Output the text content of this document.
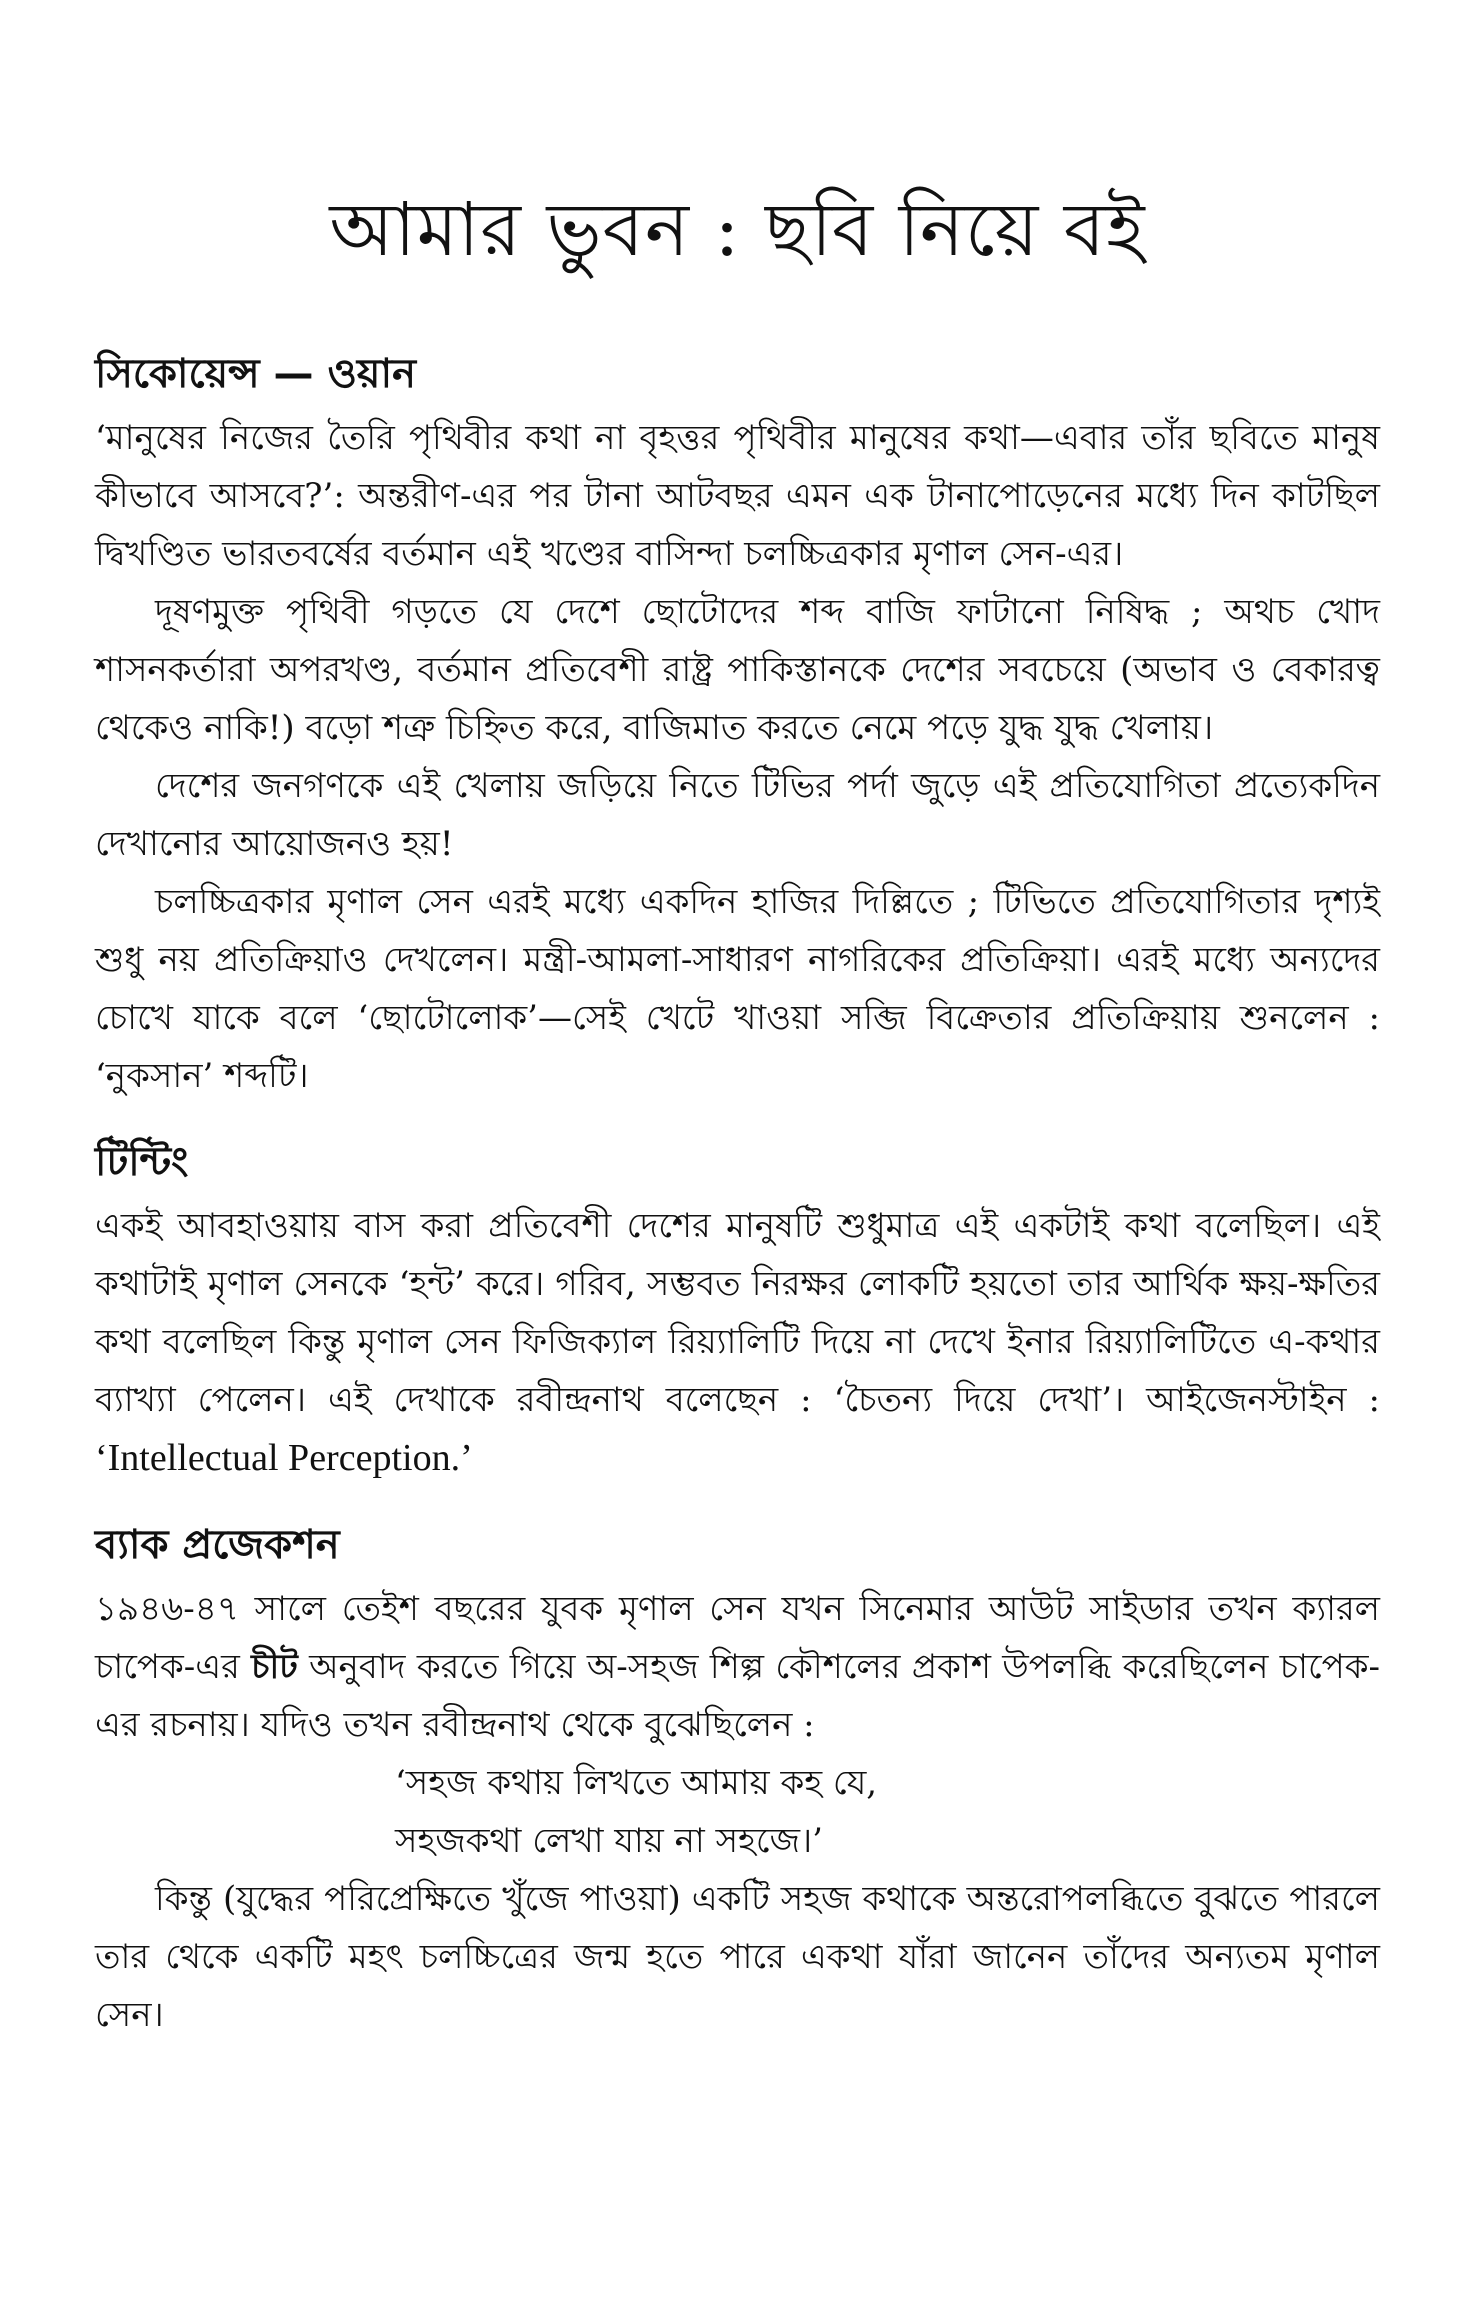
আমার ভুবন : ছবি নিয়ে বই
সিকোয়েন্স — ওয়ান

‘মানুষের নিজের তৈরি পৃথিবীর কথা না বৃহত্তর পৃথিবীর মানুষের কথা—এবার তাঁর ছবিতে মানুষ কীভাবে আসবে?’: অন্তরীণ-এর পর টানা আটবছর এমন এক টানাপোড়েনের মধ্যে দিন কাটছিল দ্বিখণ্ডিত ভারতবর্ষের বর্তমান এই খণ্ডের বাসিন্দা চলচ্চিত্রকার মৃণাল সেন-এর।

দূষণমুক্ত পৃথিবী গড়তে যে দেশে ছোটোদের শব্দ বাজি ফাটানো নিষিদ্ধ ; অথচ খোদ শাসনকর্তারা অপরখণ্ড, বর্তমান প্রতিবেশী রাষ্ট্র পাকিস্তানকে দেশের সবচেয়ে (অভাব ও বেকারত্ব থেকেও নাকি!) বড়ো শত্রু চিহ্নিত করে, বাজিমাত করতে নেমে পড়ে যুদ্ধ যুদ্ধ খেলায়।

দেশের জনগণকে এই খেলায় জড়িয়ে নিতে টিভির পর্দা জুড়ে এই প্রতিযোগিতা প্রত্যেকদিন দেখানোর আয়োজনও হয়!

চলচ্চিত্রকার মৃণাল সেন এরই মধ্যে একদিন হাজির দিল্লিতে ; টিভিতে প্রতিযোগিতার দৃশ্যই শুধু নয় প্রতিক্রিয়াও দেখলেন। মন্ত্রী-আমলা-সাধারণ নাগরিকের প্রতিক্রিয়া। এরই মধ্যে অন্যদের চোখে যাকে বলে ‘ছোটোলোক’—সেই খেটে খাওয়া সব্জি বিক্রেতার প্রতিক্রিয়ায় শুনলেন : ‘নুকসান’ শব্দটি।

টিন্টিং

একই আবহাওয়ায় বাস করা প্রতিবেশী দেশের মানুষটি শুধুমাত্র এই একটাই কথা বলেছিল। এই কথাটাই মৃণাল সেনকে ‘হন্ট’ করে। গরিব, সম্ভবত নিরক্ষর লোকটি হয়তো তার আর্থিক ক্ষয়-ক্ষতির কথা বলেছিল কিন্তু মৃণাল সেন ফিজিক্যাল রিয়্যালিটি দিয়ে না দেখে ইনার রিয়্যালিটিতে এ-কথার ব্যাখ্যা পেলেন। এই দেখাকে রবীন্দ্রনাথ বলেছেন : ‘চৈতন্য দিয়ে দেখা’। আইজেনস্টাইন : ‘Intellectual Perception.’

ব্যাক প্রজেকশন

১৯৪৬-৪৭ সালে তেইশ বছরের যুবক মৃণাল সেন যখন সিনেমার আউট সাইডার তখন ক্যারল চাপেক-এর চীট অনুবাদ করতে গিয়ে অ-সহজ শিল্প কৌশলের প্রকাশ উপলব্ধি করেছিলেন চাপেক-এর রচনায়। যদিও তখন রবীন্দ্রনাথ থেকে বুঝেছিলেন :

‘সহজ কথায় লিখতে আমায় কহ যে,
সহজকথা লেখা যায় না সহজে।’

কিন্তু (যুদ্ধের পরিপ্রেক্ষিতে খুঁজে পাওয়া) একটি সহজ কথাকে অন্তরোপলব্ধিতে বুঝতে পারলে তার থেকে একটি মহৎ চলচ্চিত্রের জন্ম হতে পারে একথা যাঁরা জানেন তাঁদের অন্যতম মৃণাল সেন।
